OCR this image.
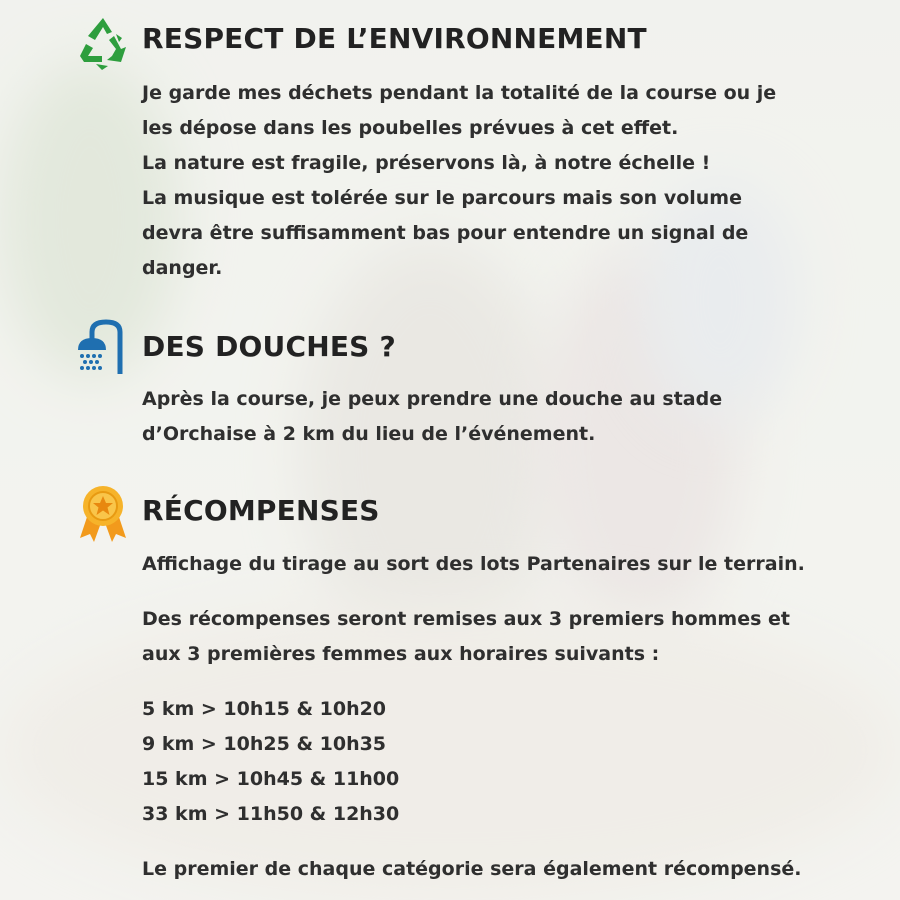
RESPECT DE L’ENVIRONNEMENT

Je garde mes déchets pendant la totalité de la course ou je
les dépose dans les poubelles prévues à cet effet.
La nature est fragile, préservons là, à notre échelle !
La musique est tolérée sur le parcours mais son volume
devra être suffisamment bas pour entendre un signal de
danger.

DES DOUCHES ?

Après la course, je peux prendre une douche au stade
d’Orchaise à 2 km du lieu de l’événement.

RÉCOMPENSES

Affichage du tirage au sort des lots Partenaires sur le terrain.

Des récompenses seront remises aux 3 premiers hommes et
aux 3 premières femmes aux horaires suivants :

5 km > 10h15 & 10h20
9 km > 10h25 & 10h35
15 km > 10h45 & 11h00
33 km > 11h50 & 12h30

Le premier de chaque catégorie sera également récompensé.
